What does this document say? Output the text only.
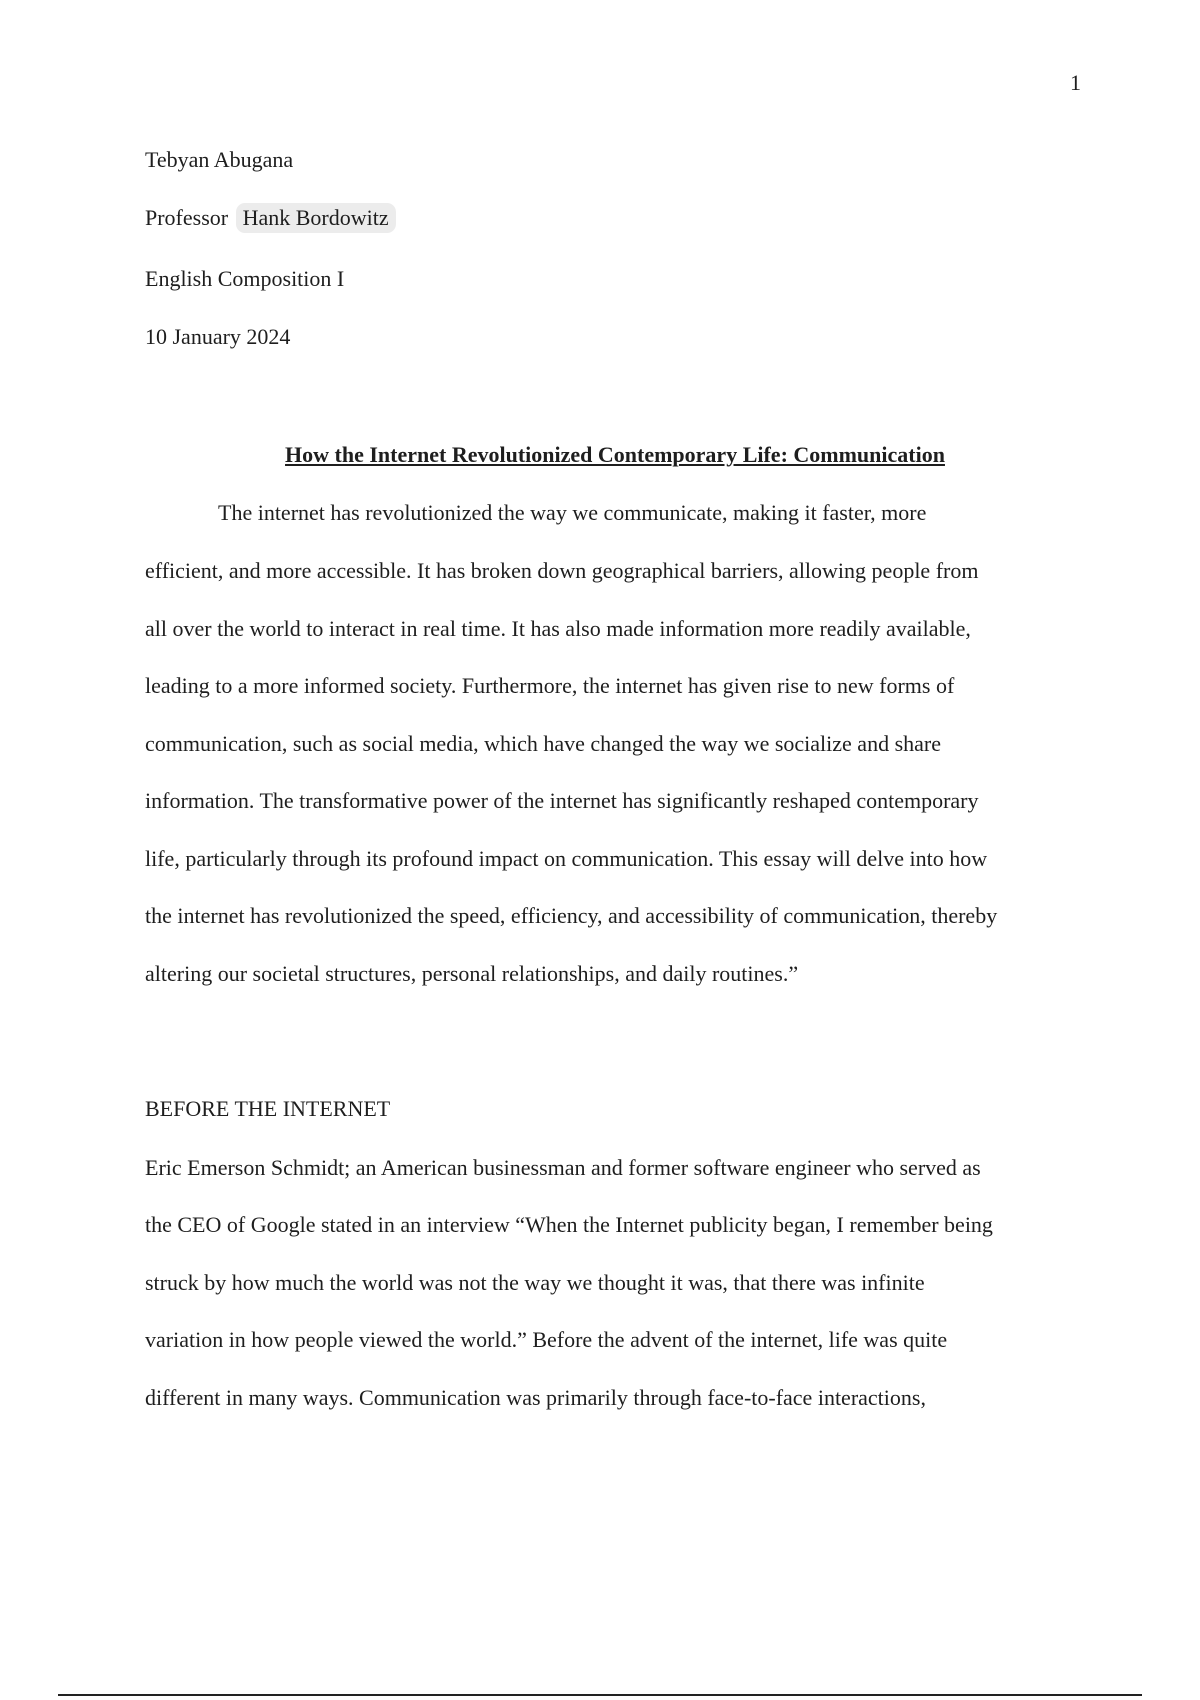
1
Tebyan Abugana
Professor Hank Bordowitz
English Composition I
10 January 2024
How the Internet Revolutionized Contemporary Life: Communication
The internet has revolutionized the way we communicate, making it faster, more
efficient, and more accessible. It has broken down geographical barriers, allowing people from
all over the world to interact in real time. It has also made information more readily available,
leading to a more informed society. Furthermore, the internet has given rise to new forms of
communication, such as social media, which have changed the way we socialize and share
information. The transformative power of the internet has significantly reshaped contemporary
life, particularly through its profound impact on communication. This essay will delve into how
the internet has revolutionized the speed, efficiency, and accessibility of communication, thereby
altering our societal structures, personal relationships, and daily routines.”
BEFORE THE INTERNET
Eric Emerson Schmidt; an American businessman and former software engineer who served as
the CEO of Google stated in an interview “When the Internet publicity began, I remember being
struck by how much the world was not the way we thought it was, that there was infinite
variation in how people viewed the world.” Before the advent of the internet, life was quite
different in many ways. Communication was primarily through face-to-face interactions,
